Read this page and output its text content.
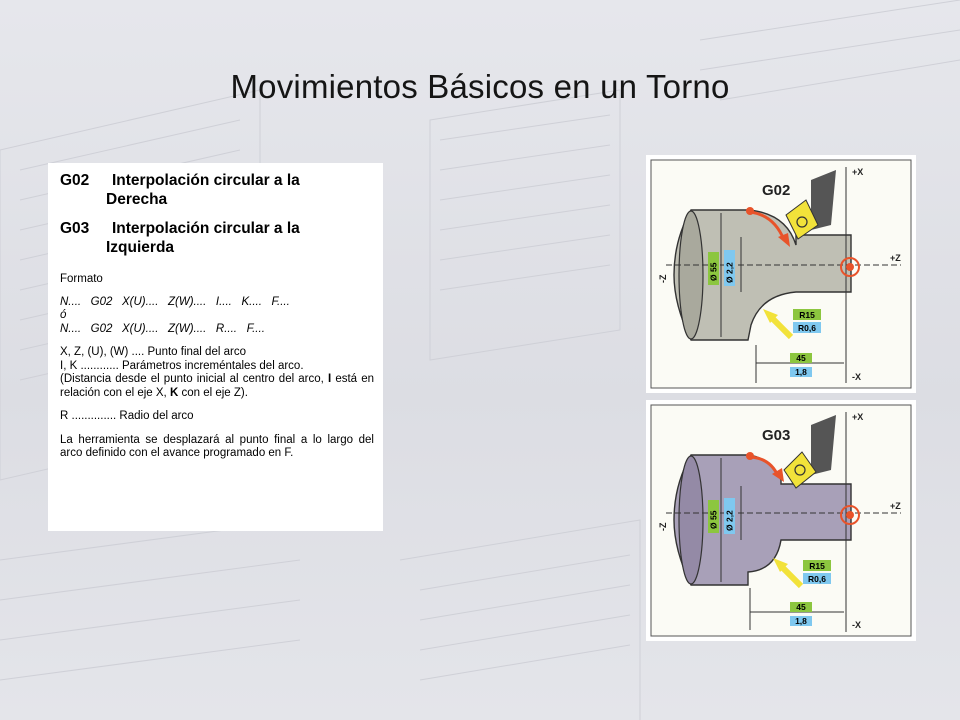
Movimientos Básicos en un Torno
G02 Interpolación circular a la
Derecha
G03 Interpolación circular a la
Izquierda
Formato
N....   G02   X(U)....   Z(W)....   I....   K....   F....
ó
N....   G02   X(U)....   Z(W)....   R....   F....
X, Z, (U), (W) .... Punto final del arco
I, K ............ Parámetros increméntales del arco.
(Distancia desde el punto inicial al centro del arco, I está en relación con el eje X, K con el eje Z).
R .............. Radio del arco
La herramienta se desplazará al punto final a lo largo del arco definido con el avance programado en F.
G02
+X
+Z
-X
-Z	Ø 55 Ø 2,2
R15
R0,6
45
1,8
G03
+X
+Z
-X
-Z	Ø 55 Ø 2,2
R15
R0,6
45
1,8
